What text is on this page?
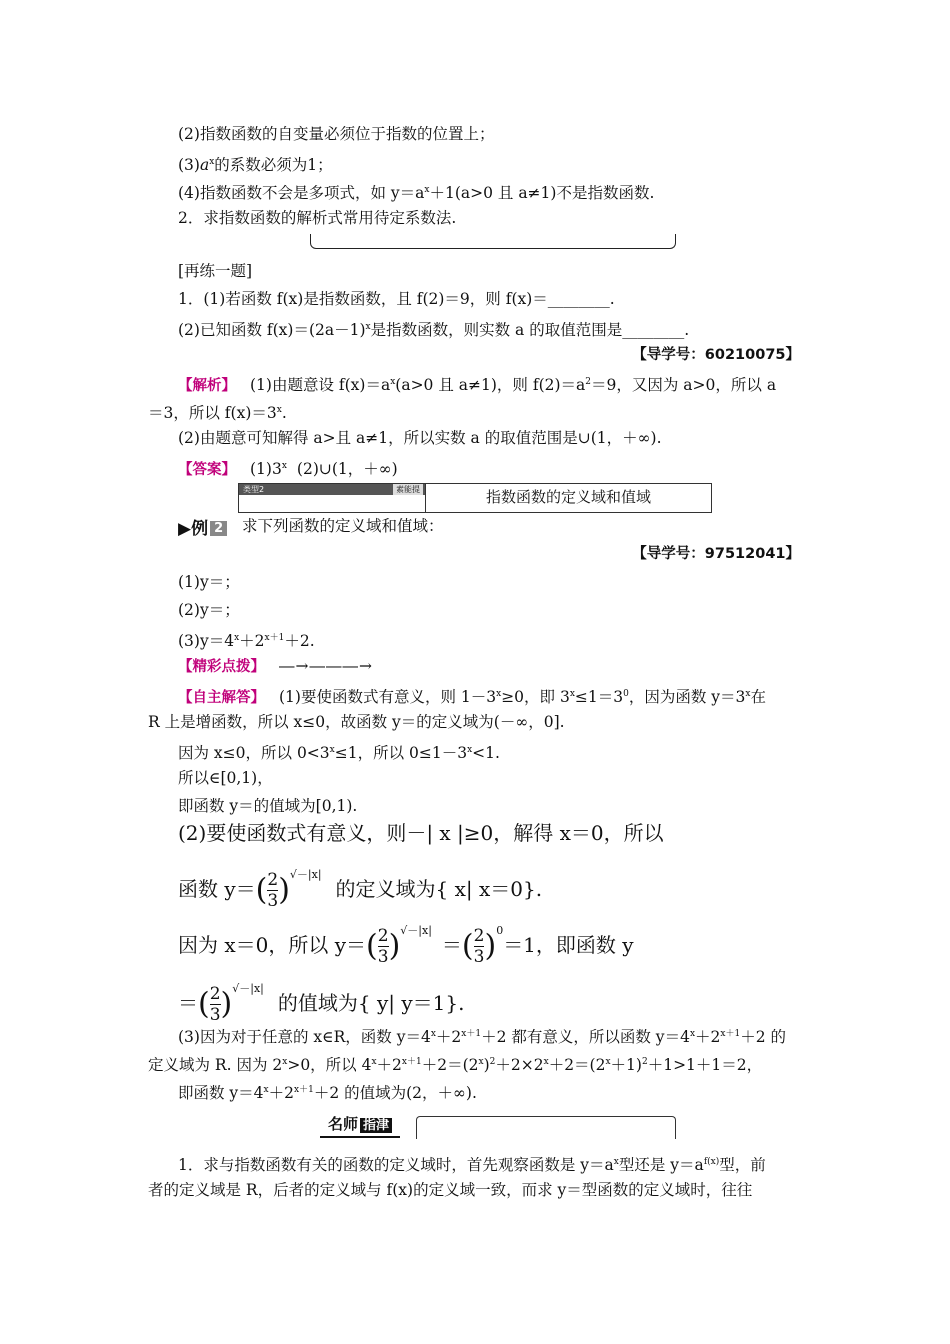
(2)指数函数的自变量必须位于指数的位置上；
$(3)a^x$的系数必须为1；
(4)指数函数不会是多项式，如 $y=a^x+1(a>0$ 且 a≠1)不是指数函数.
2．求指数函数的解析式常用待定系数法.
[再练一题]
1．(1)若函数 f(x)是指数函数，且 f(2)＝9，则 f(x)＝________.
(2)已知函数 $f(x)=(2a-1)^x$是指数函数，则实数 a 的取值范围是________.
【导学号：60210075】
【解析】 (1)由题意设 $f(x)=a^x(a>0$ 且 a≠1)，则 $f(2)=a^2=9$，又因为 a>0，所以 a
＝3，所以 $f(x)=3^x$.
(2)由题意可知解得 a>且 a≠1，所以实数 a 的取值范围是∪(1，＋∞).
【答案】 (1)3$^x$ (2)∪(1，＋∞)
类型2	素能提	指数函数的定义域和值域
▶例 2 求下列函数的定义域和值域：
【导学号：97512041】
(1)y＝；
(2)y＝；
$(3)y=4^x+2^{x+1}+2$.
【精彩点拨】 ―→―――→
【自主解答】 (1)要使函数式有意义，则 $1-3^x\ge 0$，即 $3^x\le 1=3^0$，因为函数 $y=3^x$在
R 上是增函数，所以 x≤0，故函数 y＝的定义域为(－∞，0].
因为 x≤0，所以 $0<3^x\le 1$，所以 $0\le 1-3^x<1$.
所以∈[0,1)，
即函数 y＝的值域为[0,1).
(2)要使函数式有意义，则－| x |≥0，解得 x＝0，所以
函数 $y=( \frac{2}{3} )^{√-|x|}$的定义域为{ x| x＝0}.
因为 x＝0，所以 $y=( \frac{2}{3} )^{√-|x|}=( \frac{2}{3} )^0=1$，即函数 y
＝( $\frac{2}{3} )^{√-|x|}$的值域为{ y| y＝1}.
(3)因为对于任意的 x∈R，函数 $y=4^x+2^{x+1}+2$ 都有意义，所以函数 $y=4^x+2^{x+1}+2$ 的
定义域为 R. 因为 $2^x>0$，所以 $4^x+2^{x+1}+2=(2^x)^2+2\times 2^x+2=(2^x+1)^2+1>1+1=2$，
即函数 $y=4^x+2^{x+1}+2$ 的值域为(2，＋∞).
名师 指津
1．求与指数函数有关的函数的定义域时，首先观察函数是 $y=a^x$型还是 $y=a^{f(x)}$型，前
者的定义域是 R，后者的定义域与 f(x)的定义域一致，而求 y＝型函数的定义域时，往往
